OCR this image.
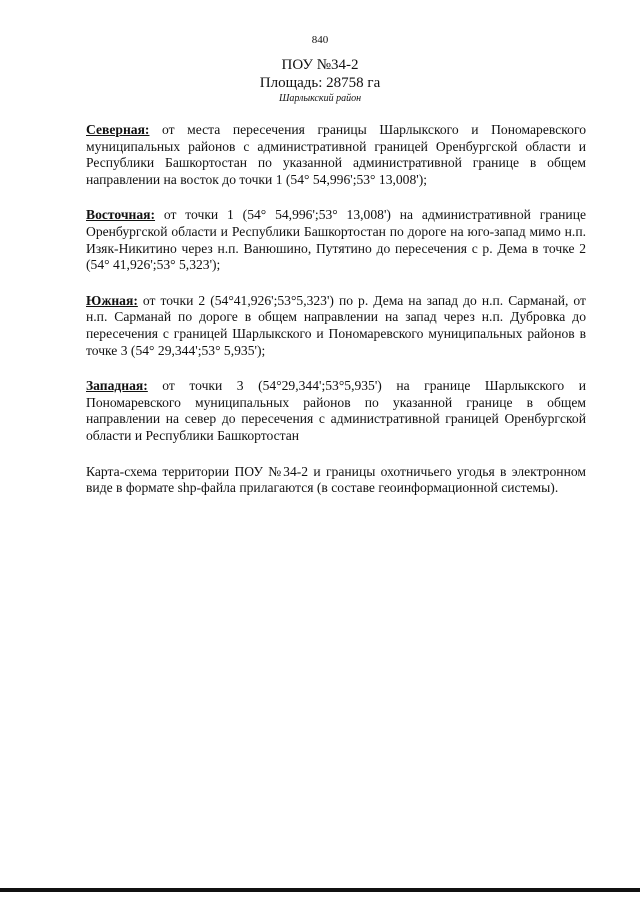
840
ПОУ №34-2
Площадь: 28758 га
Шарлыкский район

Северная: от места пересечения границы Шарлыкского и Пономаревского муниципальных районов с административной границей Оренбургской области и Республики Башкортостан по указанной административной границе в общем направлении на восток до точки 1 (54° 54,996';53° 13,008');

Восточная: от точки 1 (54° 54,996';53° 13,008') на административной границе Оренбургской области и Республики Башкортостан по дороге на юго-запад мимо н.п. Изяк-Никитино через н.п. Ванюшино, Путятино до пересечения с р. Дема в точке 2 (54° 41,926';53° 5,323');

Южная: от точки 2 (54°41,926';53°5,323') по р. Дема на запад до н.п. Сарманай, от н.п. Сарманай по дороге в общем направлении на запад через н.п. Дубровка до пересечения с границей Шарлыкского и Пономаревского муниципальных районов в точке 3 (54° 29,344';53° 5,935');

Западная: от точки 3 (54°29,344';53°5,935') на границе Шарлыкского и Пономаревского муниципальных районов по указанной границе в общем направлении на север до пересечения с административной границей Оренбургской области и Республики Башкортостан

Карта-схема территории ПОУ №34-2 и границы охотничьего угодья в электронном виде в формате shp-файла прилагаются (в составе геоинформационной системы).
